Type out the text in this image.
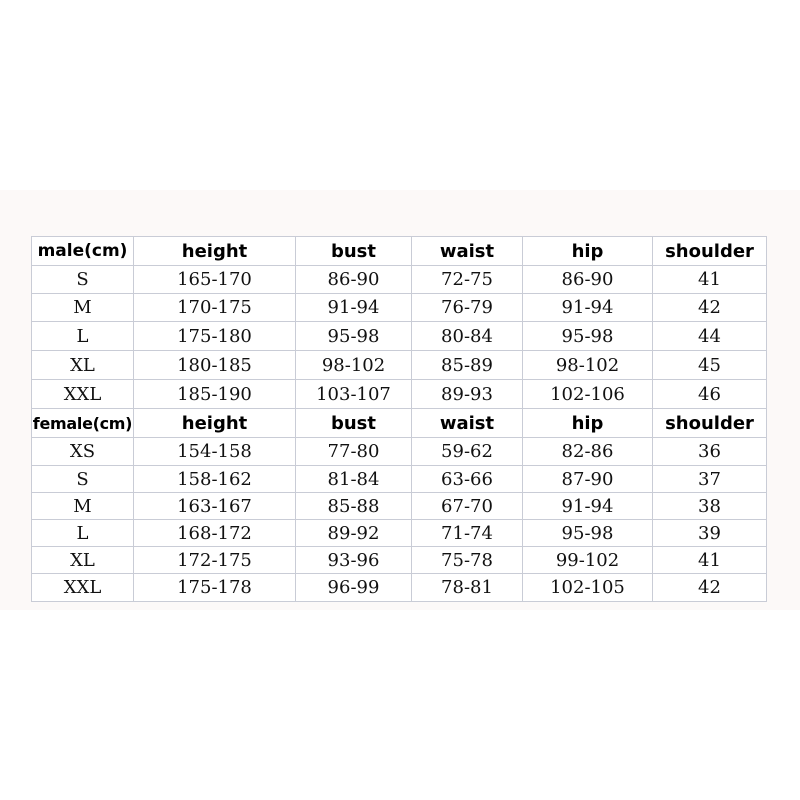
male(cm)	height	bust	waist	hip	shoulder
S	165-170	86-90	72-75	86-90	41
M	170-175	91-94	76-79	91-94	42
L	175-180	95-98	80-84	95-98	44
XL	180-185	98-102	85-89	98-102	45
XXL	185-190	103-107	89-93	102-106	46
female(cm)	height	bust	waist	hip	shoulder
XS	154-158	77-80	59-62	82-86	36
S	158-162	81-84	63-66	87-90	37
M	163-167	85-88	67-70	91-94	38
L	168-172	89-92	71-74	95-98	39
XL	172-175	93-96	75-78	99-102	41
XXL	175-178	96-99	78-81	102-105	42
